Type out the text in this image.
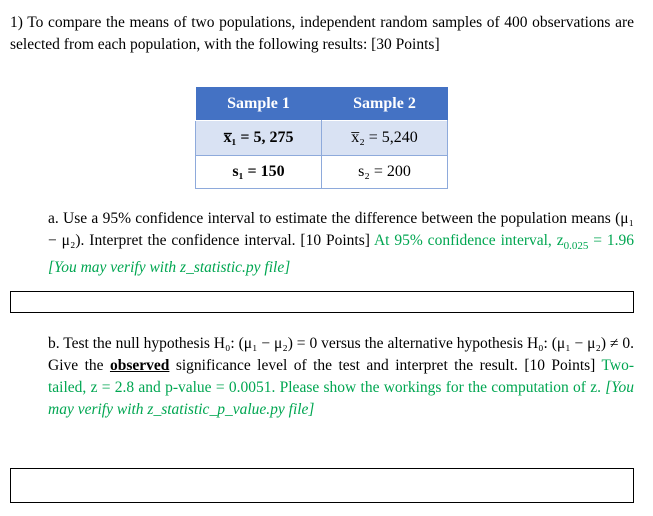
1) To compare the means of two populations, independent random samples of 400 observations are selected from each population, with the following results: [30 Points]
Sample 1	Sample 2
x̅₁ = 5, 275	x̅₂ = 5,240
s₁ = 150	s₂ = 200
a. Use a 95% confidence interval to estimate the difference between the population means (μ₁ − μ₂). Interpret the confidence interval. [10 Points] At 95% confidence interval, $z_{0.025} = 1.96$ [You may verify with z_statistic.py file]
b. Test the null hypothesis H₀: (μ₁ − μ₂) = 0 versus the alternative hypothesis H₀: (μ₁ − μ₂) ≠ 0. Give the observed significance level of the test and interpret the result. [10 Points] Two-tailed, z = 2.8 and p-value = 0.0051. Please show the workings for the computation of z. [You may verify with z_statistic_p_value.py file]
